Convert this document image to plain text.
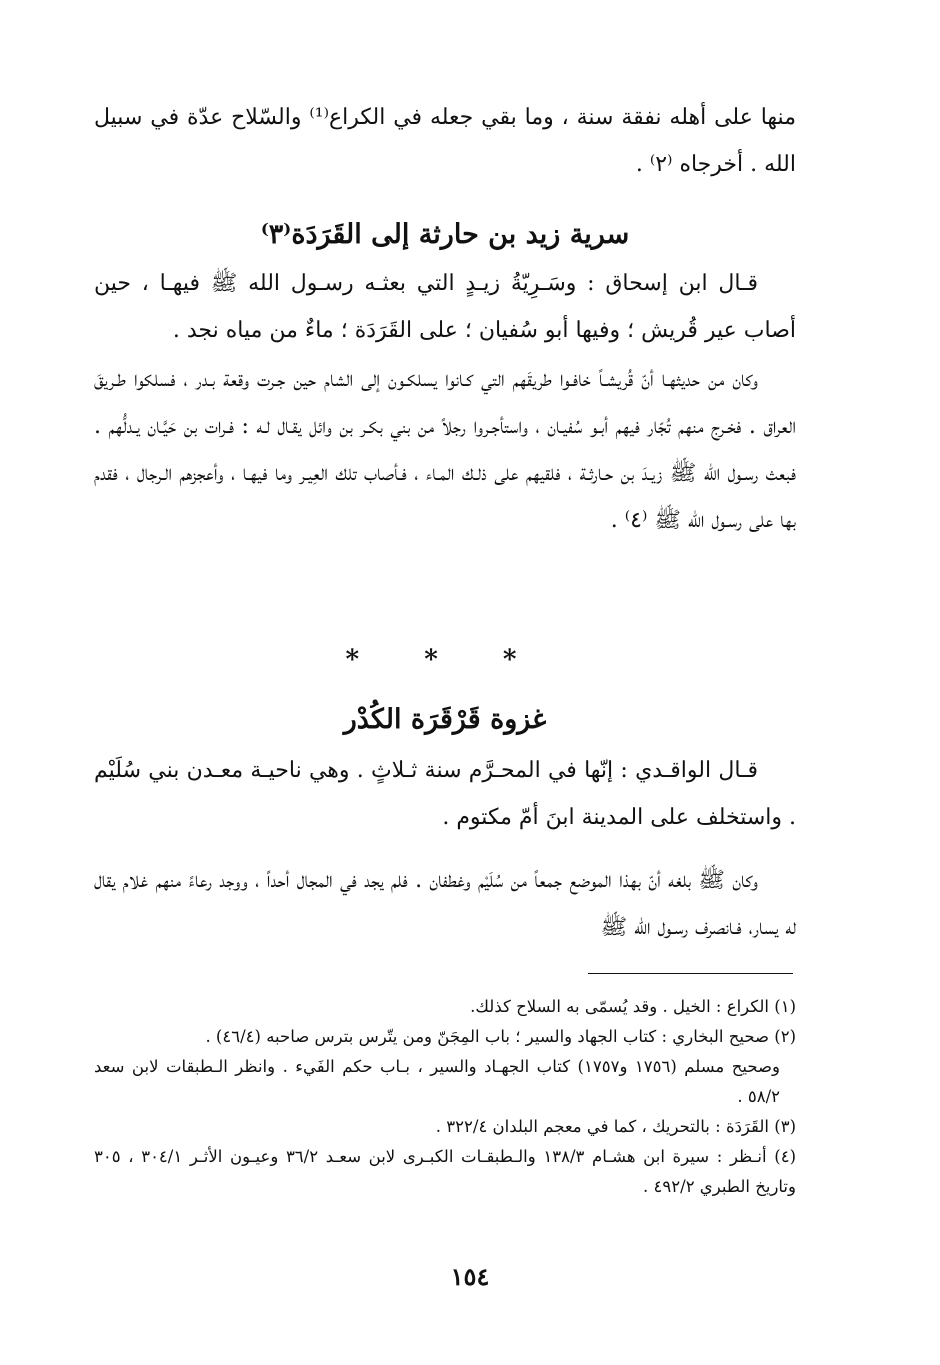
منها على أهله نفقة سنة ، وما بقي جعله في الكراع⁽¹⁾ والسّلاح عدّة في سبيل الله . أخرجاه ⁽٢⁾ .

سرية زيد بن حارثة إلى القَرَدَة⁽٣⁾

قـال ابن إسحاق : وسَـرِيّةُ زيـدٍ التي بعثـه رسـول الله ﷺ فيهـا ، حين أصاب عير قُريش ؛ وفيها أبو سُفيان ؛ على القَرَدَة ؛ ماءٌ من مياه نجد .

وكان من حديثهـا أنّ قُريشـاً خافـوا طريقَهم التي كـانوا يسلكـون إلى الشام حين جـرت وقعة بـدر ، فسلكوا طـريقَ العراق . فخـرج منهم تُجّار فيهم أبـو سُفيـان ، واستأجـروا رجلاً من بني بكـر بن وائل يقـال لـه : فـرات بن حَيَّـان يـدلُّهم . فبعث رسـول الله ﷺ زيـدَ بن حـارثـة ، فلقيهم على ذلـك المـاء ، فـأصاب تلك العِيـر وما فيهـا ، وأعجزهم الـرجال ، فقدم بها على رسـول الله ﷺ ⁽٤⁾ .

* * *
غزوة قَرْقَرَة الكُدْر

قـال الواقـدي : إنّها في المحـرَّم سنة ثـلاثٍ . وهي ناحيـة معـدن بني سُلَيْم . واستخلف على المدينة ابنَ أمّ مكتوم .

وكان ﷺ بلغه أنّ بهذا الموضع جمعاً من سُلَيْم وغطفان . فلم يجد في المجال أحداً ، ووجد رعاءً منهم غلام يقال له يسار، فـانصرف رسـول الله ﷺ

(١) الكراع : الخيل . وقد يُسمّى به السلاح كذلك.
(٢) صحيح البخاري : كتاب الجهاد والسير ؛ باب المِجَنّ ومن يتّرس بترس صاحبه (٤٦/٤) .
وصحيح مسلم (١٧٥٦ و١٧٥٧) كتاب الجهـاد والسير ، بـاب حكم الفَيء . وانظر الـطبقات لابن سعد ٥٨/٢ .
(٣) القَرَدَة : بالتحريك ، كما في معجم البلدان ٣٢٢/٤ .
(٤) أنـظر : سيرة ابن هشـام ١٣٨/٣ والـطبقـات الكبـرى لابن سعـد ٣٦/٢ وعيـون الأثـر ٣٠٤/١ ، ٣٠٥ وتاريخ الطبري ٤٩٢/٢ .
١٥٤
